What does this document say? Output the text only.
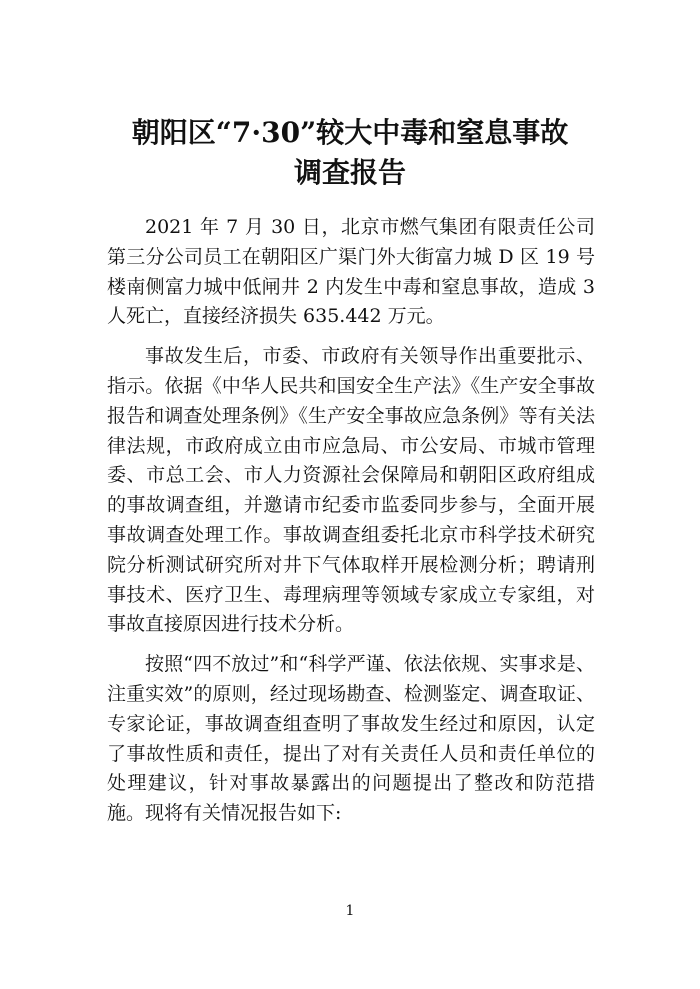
朝阳区“7·30”较大中毒和窒息事故
调查报告

2021 年 7 月 30 日，北京市燃气集团有限责任公司第三分公司员工在朝阳区广渠门外大街富力城 D 区 19 号楼南侧富力城中低闸井 2 内发生中毒和窒息事故，造成 3 人死亡，直接经济损失 635.442 万元。

事故发生后，市委、市政府有关领导作出重要批示、指示。依据《中华人民共和国安全生产法》《生产安全事故报告和调查处理条例》《生产安全事故应急条例》等有关法律法规，市政府成立由市应急局、市公安局、市城市管理委、市总工会、市人力资源社会保障局和朝阳区政府组成的事故调查组，并邀请市纪委市监委同步参与，全面开展事故调查处理工作。事故调查组委托北京市科学技术研究院分析测试研究所对井下气体取样开展检测分析；聘请刑事技术、医疗卫生、毒理病理等领域专家成立专家组，对事故直接原因进行技术分析。

按照“四不放过”和“科学严谨、依法依规、实事求是、注重实效”的原则，经过现场勘查、检测鉴定、调查取证、专家论证，事故调查组查明了事故发生经过和原因，认定了事故性质和责任，提出了对有关责任人员和责任单位的处理建议，针对事故暴露出的问题提出了整改和防范措施。现将有关情况报告如下:

1
